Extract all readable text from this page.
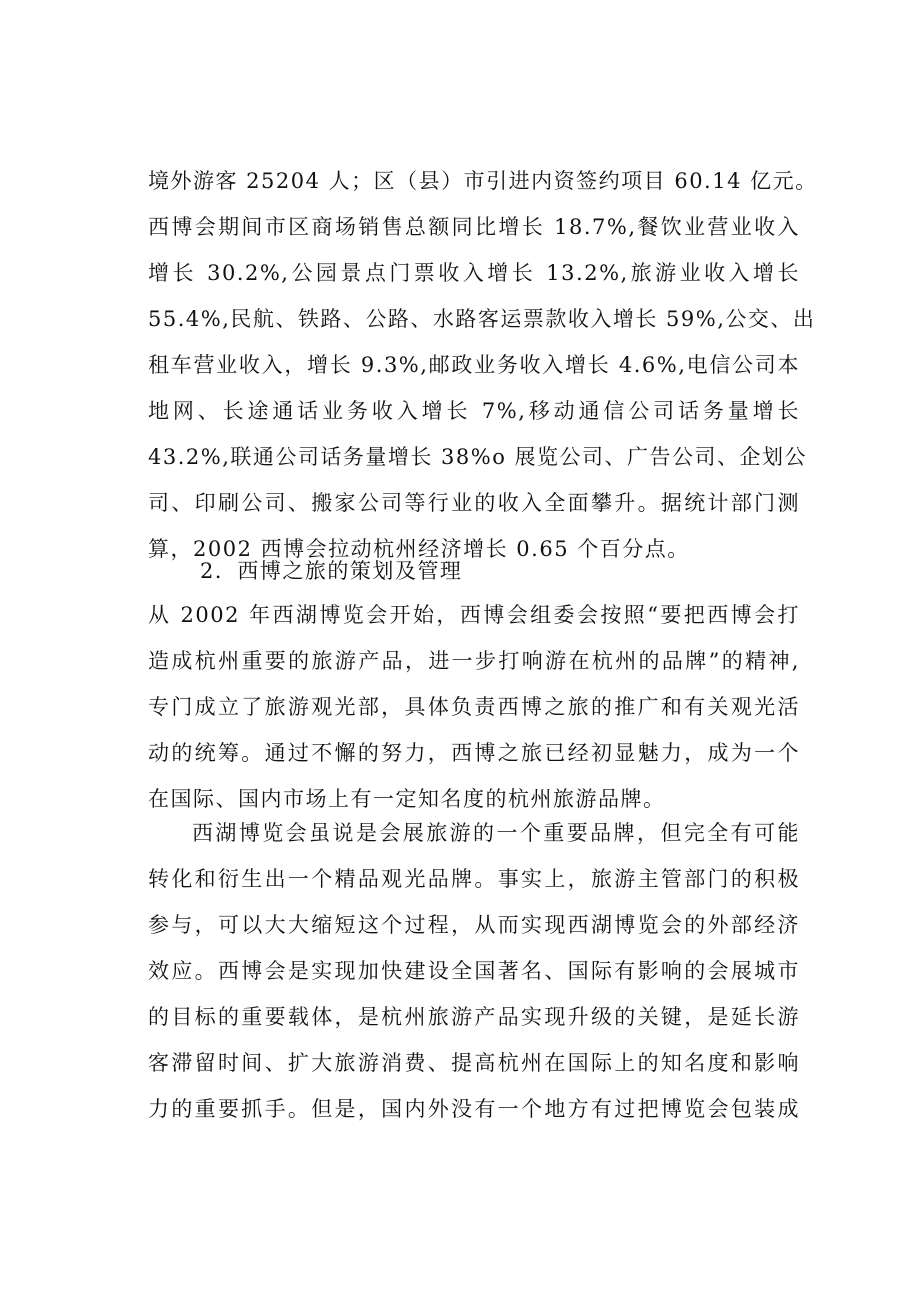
境外游客 25204 人；区（县）市引进内资签约项目 60.14 亿元。
西博会期间市区商场销售总额同比增长 18.7%,餐饮业营业收入
增长 30.2%,公园景点门票收入增长 13.2%,旅游业收入增长
55.4%,民航、铁路、公路、水路客运票款收入增长 59%,公交、出
租车营业收入，增长 9.3%,邮政业务收入增长 4.6%,电信公司本
地网、长途通话业务收入增长 7%,移动通信公司话务量增长
43.2%,联通公司话务量增长 38%o 展览公司、广告公司、企划公
司、印刷公司、搬家公司等行业的收入全面攀升。据统计部门测
算，2002 西博会拉动杭州经济增长 0.65 个百分点。
2．西博之旅的策划及管理
从 2002 年西湖博览会开始，西博会组委会按照“要把西博会打
造成杭州重要的旅游产品，进一步打响游在杭州的品牌”的精神,
专门成立了旅游观光部，具体负责西博之旅的推广和有关观光活
动的统筹。通过不懈的努力，西博之旅已经初显魅力，成为一个
在国际、国内市场上有一定知名度的杭州旅游品牌。
西湖博览会虽说是会展旅游的一个重要品牌，但完全有可能
转化和衍生出一个精品观光品牌。事实上，旅游主管部门的积极
参与，可以大大缩短这个过程，从而实现西湖博览会的外部经济
效应。西博会是实现加快建设全国著名、国际有影响的会展城市
的目标的重要载体，是杭州旅游产品实现升级的关键，是延长游
客滞留时间、扩大旅游消费、提高杭州在国际上的知名度和影响
力的重要抓手。但是，国内外没有一个地方有过把博览会包装成
